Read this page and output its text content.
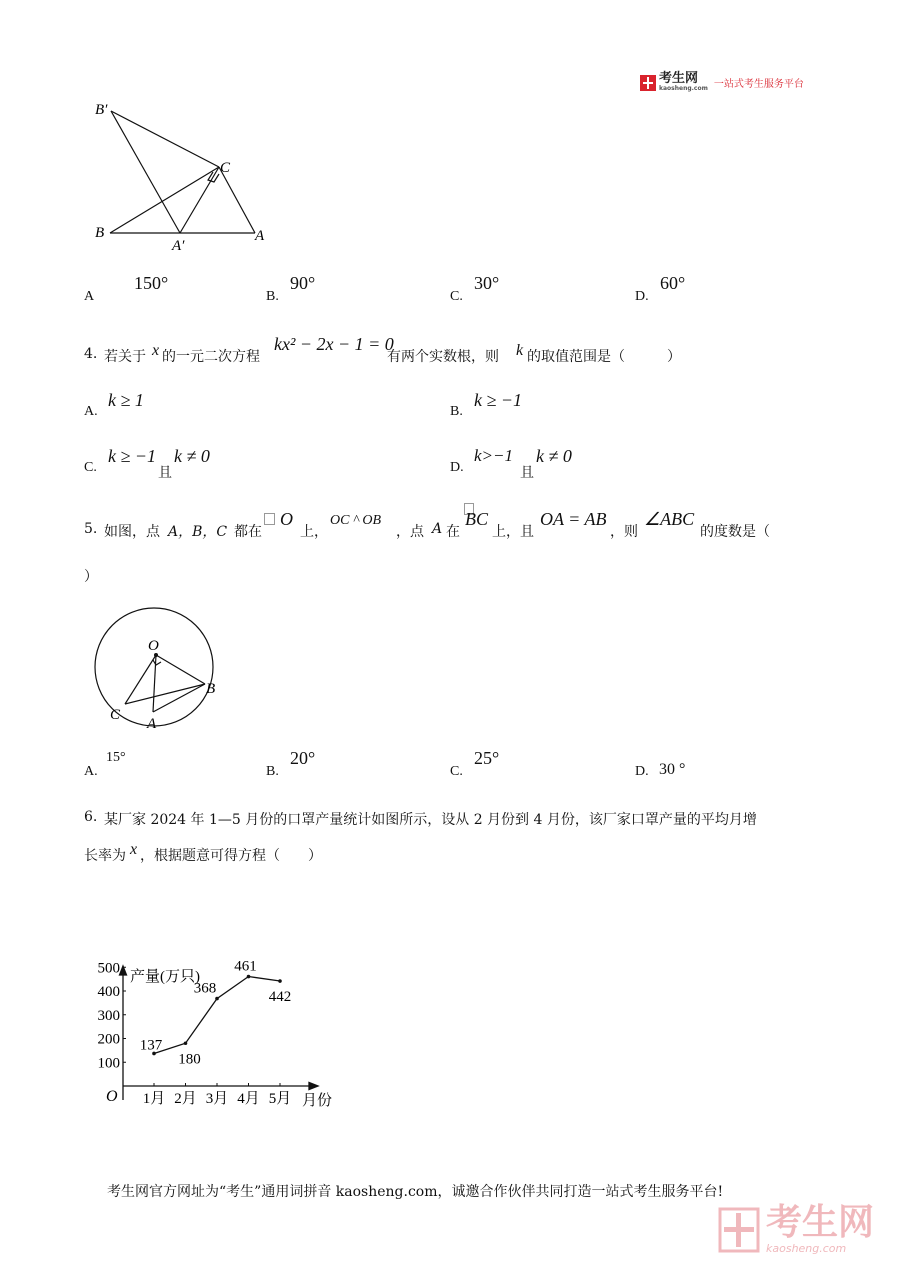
考生网
kaosheng.com 一站式考生服务平台
B′
C
B
A′
A
A
150°
B.
90°
C.
30°
D.
60°
4. 若关于 x 的一元二次方程
kx² − 2x − 1 = 0
有两个实数根，则 k 的取值范围是（　　　）
A.
k ≥ 1
B.
k ≥ −1
C.
k ≥ −1
且
k ≠ 0
D.
k>−1
且
k ≠ 0
5. 如图，点 A，B，C 都在
O
上，
OC ^ OB
，点 A 在
BC
上，且
OA = AB
，则
∠ABC
的度数是（
）
O
B
C
A
A.
15°
B.
20°
C.
25°
D. 30 °
6. 某厂家 2024 年 1—5 月份的口罩产量统计如图所示，设从 2 月份到 4 月份，该厂家口罩产量的平均月增
长率为 x ，根据题意可得方程（　　）
产量(万只)
月份
O
100
200
300
400
500
1月 2月 3月 4月 5月
137
180
368
461
442
考生网官方网址为“考生”通用词拼音 kaosheng.com，诚邀合作伙伴共同打造一站式考生服务平台!
考生网
kaosheng.com
